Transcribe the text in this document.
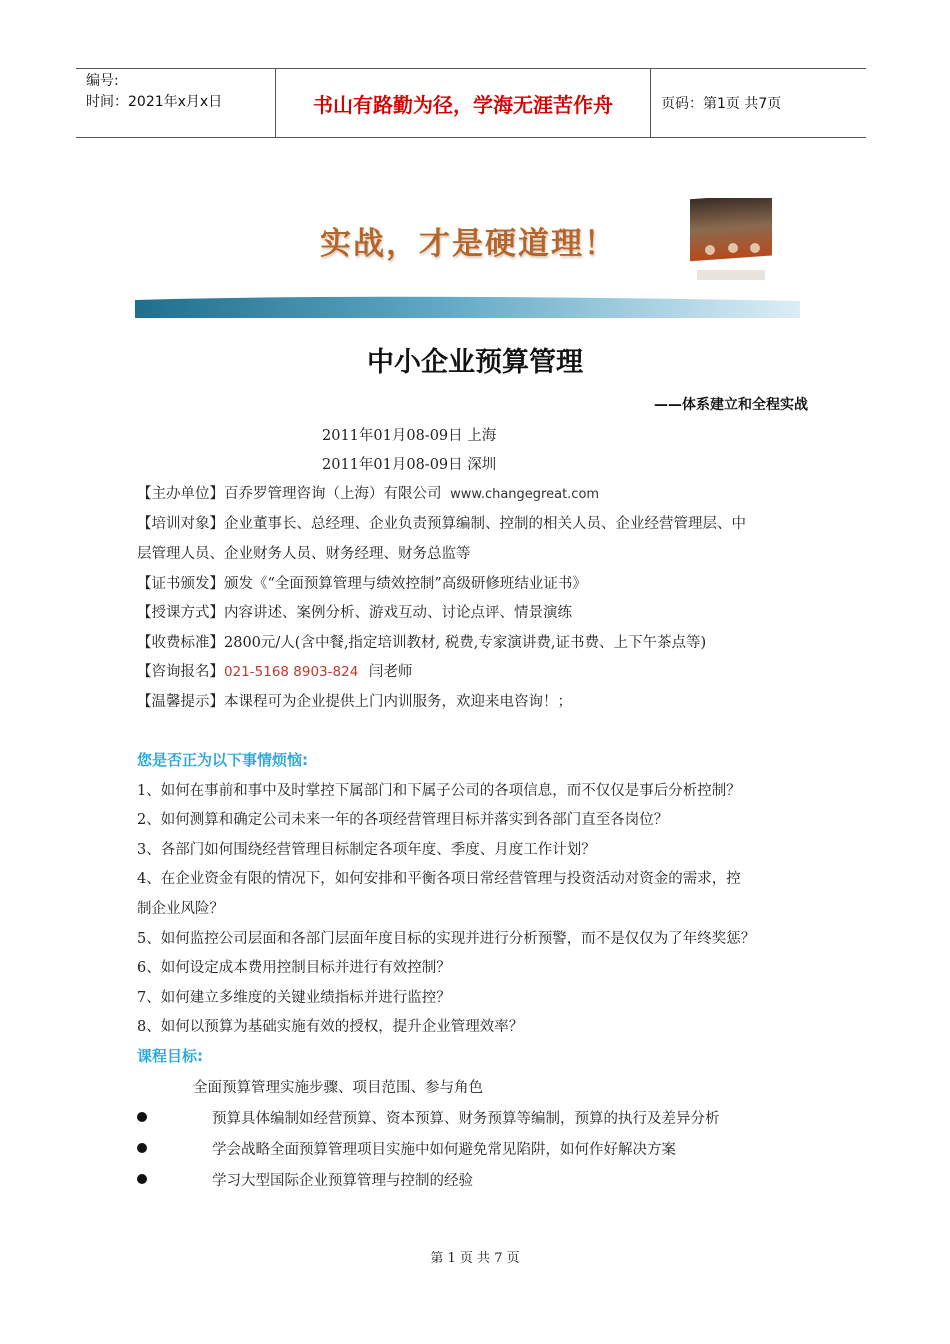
编号:
时间：2021年x月x日	书山有路勤为径，学海无涯苦作舟	页码：第1页 共7页
实战，才是硬道理！
中小企业预算管理
——体系建立和全程实战
2011年01月08-09日 上海
2011年01月08-09日 深圳
【主办单位】百乔罗管理咨询（上海）有限公司 www.changegreat.com
【培训对象】企业董事长、总经理、企业负责预算编制、控制的相关人员、企业经营管理层、中
层管理人员、企业财务人员、财务经理、财务总监等
【证书颁发】颁发《“全面预算管理与绩效控制”高级研修班结业证书》
【授课方式】内容讲述、案例分析、游戏互动、讨论点评、情景演练
【收费标准】2800元/人(含中餐,指定培训教材, 税费,专家演讲费,证书费、上下午茶点等)
【咨询报名】021-5168 8903-824 闫老师
【温馨提示】本课程可为企业提供上门内训服务，欢迎来电咨询！；
您是否正为以下事情烦恼:
1、如何在事前和事中及时掌控下属部门和下属子公司的各项信息，而不仅仅是事后分析控制？
2、如何测算和确定公司未来一年的各项经营管理目标并落实到各部门直至各岗位？
3、各部门如何围绕经营管理目标制定各项年度、季度、月度工作计划？
4、在企业资金有限的情况下，如何安排和平衡各项日常经营管理与投资活动对资金的需求，控
制企业风险？
5、如何监控公司层面和各部门层面年度目标的实现并进行分析预警，而不是仅仅为了年终奖惩？
6、如何设定成本费用控制目标并进行有效控制？
7、如何建立多维度的关键业绩指标并进行监控？
8、如何以预算为基础实施有效的授权，提升企业管理效率？
课程目标:
全面预算管理实施步骤、项目范围、参与角色
预算具体编制如经营预算、资本预算、财务预算等编制，预算的执行及差异分析
学会战略全面预算管理项目实施中如何避免常见陷阱，如何作好解决方案
学习大型国际企业预算管理与控制的经验
第 1 页 共 7 页
